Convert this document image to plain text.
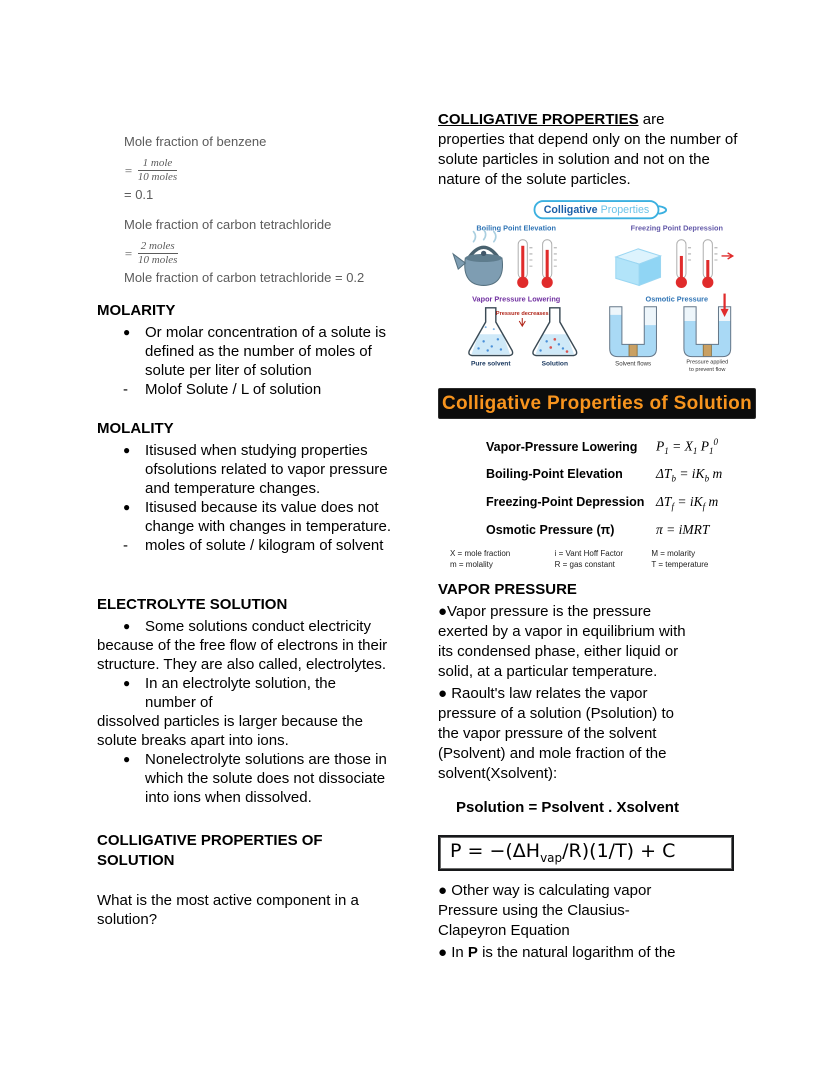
Mole fraction of benzene

= $\frac{\text{1 mole}}{\text{10 moles}}$

= 0.1

Mole fraction of carbon tetrachloride

= $\frac{\text{2 moles}}{\text{10 moles}}$

Mole fraction of carbon tetrachloride = 0.2

MOLARITY
● Or molar concentration of a solute is defined as the number of moles of solute per liter of solution

-	Molof Solute / L of solution

MOLALITY
● Itisused when studying properties ofsolutions related to vapor pressure and temperature changes.

● Itisused because its value does not change with changes in temperature.

-	moles of solute / kilogram of solvent

ELECTROLYTE SOLUTION
● Some solutions conduct electricity

because of the free flow of electrons in their structure. They are also called, electrolytes.

● In an electrolyte solution, the

number of

dissolved particles is larger because the solute breaks apart into ions.

● Nonelectrolyte solutions are those in which the solute does not dissociate into ions when dissolved.

COLLIGATIVE PROPERTIES OF SOLUTION

What is the most active component in a solution?

COLLIGATIVE PROPERTIES are

properties that depend only on the number of solute particles in solution and not on the nature of the solute particles.

Colligative Properties
Boiling Point Elevation	Freezing Point Depression
Vapor Pressure Lowering	Osmotic Pressure
Pressure decreases
Pure solvent	Solution	Solvent flows	Pressure applied
to prevent flow
Colligative Properties of Solution
Vapor-Pressure Lowering	$P_1 = X_1$ $P_1^0$
Boiling-Point Elevation	$\Delta T_b = iK_b$ m
Freezing-Point Depression $\Delta T_f = iK_f$ m
Osmotic Pressure (π)	π = iMRT
X = mole fraction
m = molality
i = Vant Hoff Factor
R = gas constant
M = molarity
T = temperature
VAPOR PRESSURE

●Vapor pressure is the pressure exerted by a vapor in equilibrium with its condensed phase, either liquid or solid, at a particular temperature.

● Raoult's law relates the vapor pressure of a solution (Psolution) to the vapor pressure of the solvent (Psolvent) and mole fraction of the solvent(Xsolvent):

Psolution = Psolvent . Xsolvent

$P = -(\Delta H_{vap}/R)(1/T) + C$

● Other way is calculating vapor Pressure using the Clausius-Clapeyron Equation

● In P is the natural logarithm of the
